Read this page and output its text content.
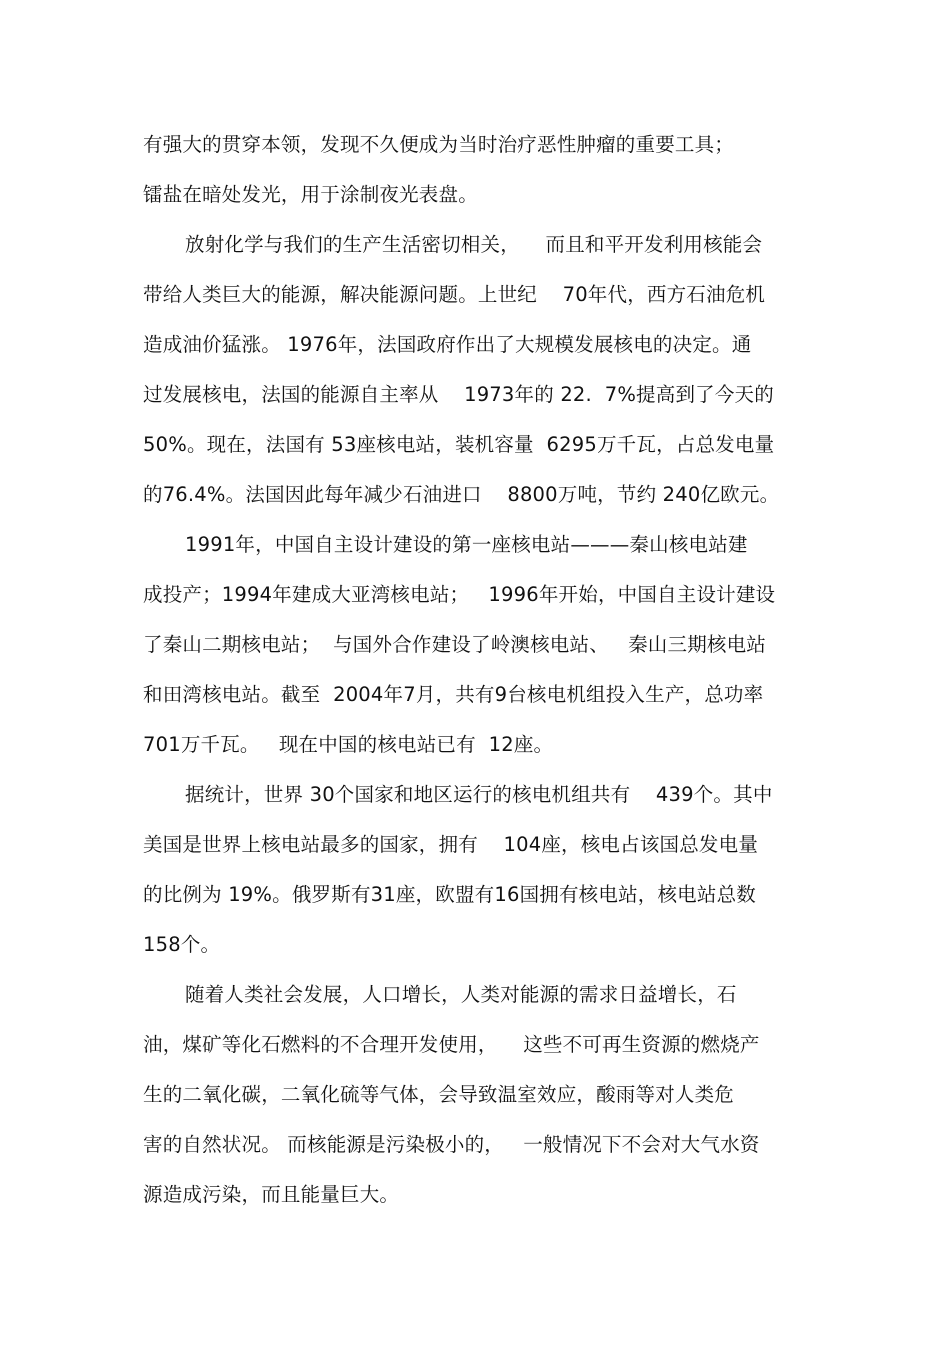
有强大的贯穿本领，发现不久便成为当时治疗恶性肿瘤的重要工具；
镭盐在暗处发光，用于涂制夜光表盘。
放射化学与我们的生产生活密切相关，    而且和平开发利用核能会
带给人类巨大的能源，解决能源问题。上世纪    70年代，西方石油危机
造成油价猛涨。 1976年，法国政府作出了大规模发展核电的决定。通
过发展核电，法国的能源自主率从    1973年的 22.  7%提高到了今天的
50%。现在，法国有 53座核电站，装机容量  6295万千瓦，占总发电量
的76.4%。法国因此每年减少石油进口    8800万吨，节约 240亿欧元。
1991年，中国自主设计建设的第一座核电站———秦山核电站建
成投产；1994年建成大亚湾核电站；   1996年开始，中国自主设计建设
了秦山二期核电站；  与国外合作建设了岭澳核电站、   秦山三期核电站
和田湾核电站。截至  2004年7月，共有9台核电机组投入生产，总功率
701万千瓦。   现在中国的核电站已有  12座。
据统计，世界 30个国家和地区运行的核电机组共有    439个。其中
美国是世界上核电站最多的国家，拥有    104座，核电占该国总发电量
的比例为 19%。俄罗斯有31座，欧盟有16国拥有核电站，核电站总数
158个。
随着人类社会发展，人口增长，人类对能源的需求日益增长，石
油，煤矿等化石燃料的不合理开发使用，    这些不可再生资源的燃烧产
生的二氧化碳，二氧化硫等气体，会导致温室效应，酸雨等对人类危
害的自然状况。 而核能源是污染极小的，   一般情况下不会对大气水资
源造成污染，而且能量巨大。
